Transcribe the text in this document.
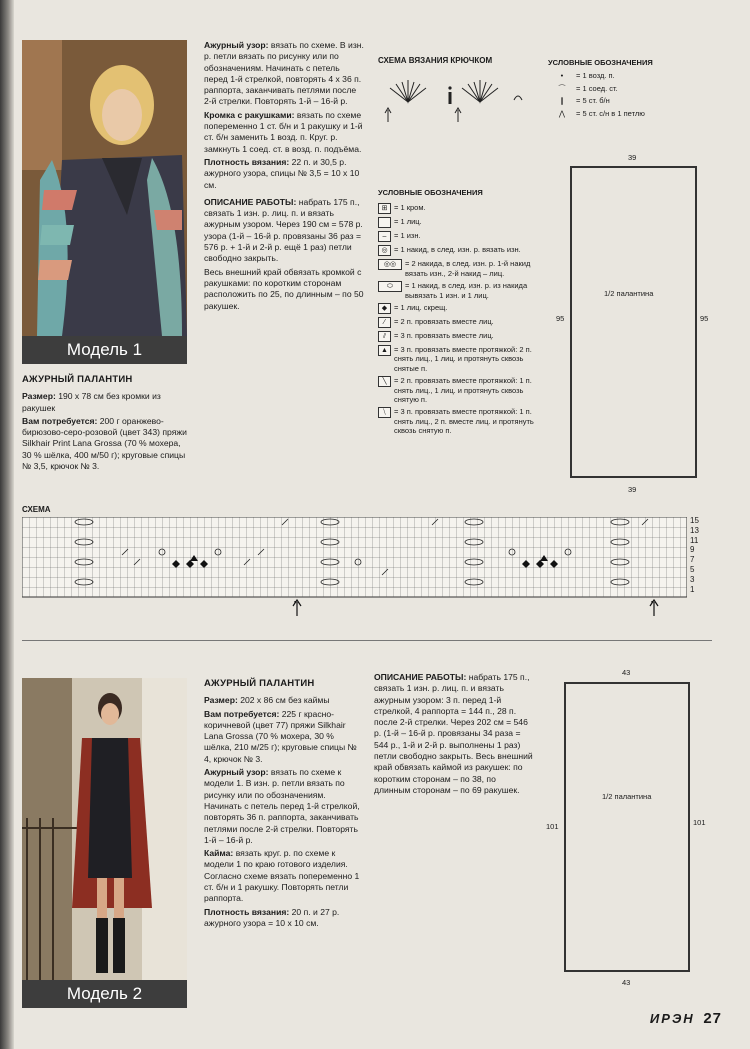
Модель 1
АЖУРНЫЙ ПАЛАНТИН

Размер: 190 х 78 см без кромки из ракушек

Вам потребуется: 200 г оранжево-бирюзово-серо-розовой (цвет 343) пряжи Silkhair Print Lana Grossa (70 % мохера, 30 % шёлка, 400 м/50 г); круговые спицы № 3,5, крючок № 3.

Ажурный узор: вязать по схеме. В изн. р. петли вязать по рисунку или по обозначениям. Начинать с петель перед 1-й стрелкой, повторять 4 х 36 п. раппорта, заканчивать петлями после 2-й стрелки. Повторять 1-й – 16-й р.

Кромка с ракушками: вязать по схеме попеременно 1 ст. б/н и 1 ракушку и 1-й ст. б/н заменить 1 возд. п. Круг. р. замкнуть 1 соед. ст. в возд. п. подъёма.

Плотность вязания: 22 п. и 30,5 р. ажурного узора, спицы № 3,5 = 10 х 10 см.

ОПИСАНИЕ РАБОТЫ: набрать 175 п., связать 1 изн. р. лиц. п. и вязать ажурным узором. Через 190 см = 578 р. узора (1-й – 16-й р. провязаны 36 раз = 576 р. + 1-й и 2-й р. ещё 1 раз) петли свободно закрыть.

Весь внешний край обвязать кромкой с ракушками: по коротким сторонам расположить по 25, по длинным – по 50 ракушек.

СХЕМА ВЯЗАНИЯ КРЮЧКОМ	УСЛОВНЫЕ ОБОЗНАЧЕНИЯ
•	= 1 возд. п.
⌒	= 1 соед. ст.
❙	= 5 ст. б/н
⋀	= 5 ст. с/н в 1 петлю
УСЛОВНЫЕ ОБОЗНАЧЕНИЯ
⊞ = 1 кром.
= 1 лиц.
–	= 1 изн.
◎ = 1 накид, в след. изн. р. вязать изн.
◎◎	= 2 накида, в след. изн. р. 1-й накид вязать изн., 2-й накид – лиц.
⬭	= 1 накид, в след. изн. р. из накида вывязать 1 изн. и 1 лиц.
◆ = 1 лиц. скрещ.
⁄	= 2 п. провязать вместе лиц.
⫽	= 3 п. провязать вместе лиц.
▲ = 3 п. провязать вместе протяжкой: 2 п. снять лиц., 1 лиц. и протянуть сквозь снятые п.
╲ = 2 п. провязать вместе протяжкой: 1 п. снять лиц., 1 лиц. и протянуть сквозь снятую п.
⧹	= 3 п. провязать вместе протяжкой: 1 п. снять лиц., 2 п. вместе лиц. и протянуть сквозь снятую п.
39
1/2 палантина
95	95
39
СХЕМА
15
13
11
9
7
5
3
1
Модель 2
АЖУРНЫЙ ПАЛАНТИН

Размер: 202 х 86 см без каймы

Вам потребуется: 225 г красно-коричневой (цвет 77) пряжи Silkhair Lana Grossa (70 % мохера, 30 % шёлка, 210 м/25 г); круговые спицы № 4, крючок № 3.

Ажурный узор: вязать по схеме к модели 1. В изн. р. петли вязать по рисунку или по обозначениям. Начинать с петель перед 1-й стрелкой, повторять 36 п. раппорта, заканчивать петлями после 2-й стрелки. Повторять 1-й – 16-й р.

Кайма: вязать круг. р. по схеме к модели 1 по краю готового изделия. Согласно схеме вязать попеременно 1 ст. б/н и 1 ракушку. Повторять петли раппорта.

Плотность вязания: 20 п. и 27 р. ажурного узора = 10 х 10 см.

ОПИСАНИЕ РАБОТЫ: набрать 175 п., связать 1 изн. р. лиц. п. и вязать ажурным узором: 3 п. перед 1-й стрелкой, 4 раппорта = 144 п., 28 п. после 2-й стрелки. Через 202 см = 546 р. (1-й – 16-й р. провязаны 34 раза = 544 р., 1-й и 2-й р. выполнены 1 раз) петли свободно закрыть. Весь внешний край обвязать каймой из ракушек: по коротким сторонам – по 38, по длинным сторонам – по 69 ракушек.

43
1/2 палантина
101	101
43
ИРЭН 27
